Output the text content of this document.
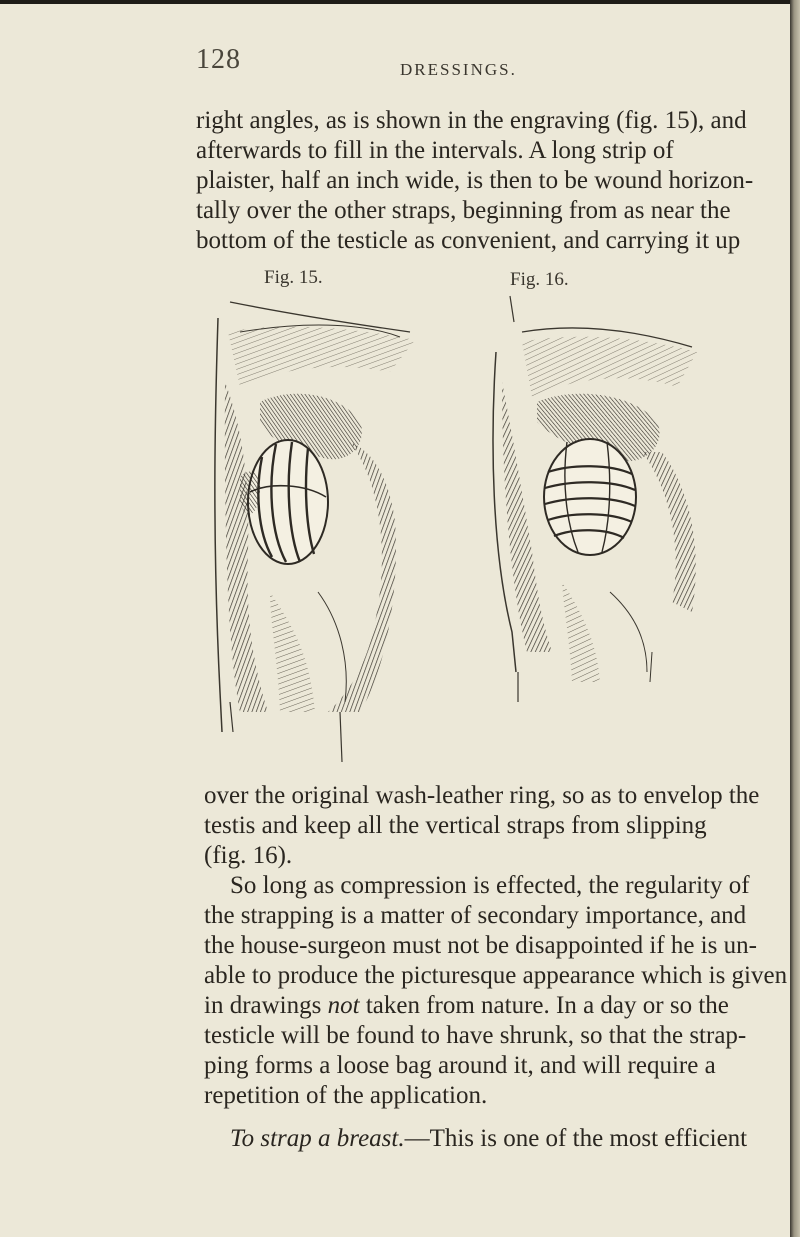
128	DRESSINGS.
right angles, as is shown in the engraving (fig. 15), and
afterwards to fill in the intervals. A long strip of
plaister, half an inch wide, is then to be wound horizon-
tally over the other straps, beginning from as near the
bottom of the testicle as convenient, and carrying it up
Fig. 15.	Fig. 16.
over the original wash-leather ring, so as to envelop the
testis and keep all the vertical straps from slipping
(fig. 16).
So long as compression is effected, the regularity of
the strapping is a matter of secondary importance, and
the house-surgeon must not be disappointed if he is un-
able to produce the picturesque appearance which is given
in drawings not taken from nature. In a day or so the
testicle will be found to have shrunk, so that the strap-
ping forms a loose bag around it, and will require a
repetition of the application.
To strap a breast.—This is one of the most efficient
